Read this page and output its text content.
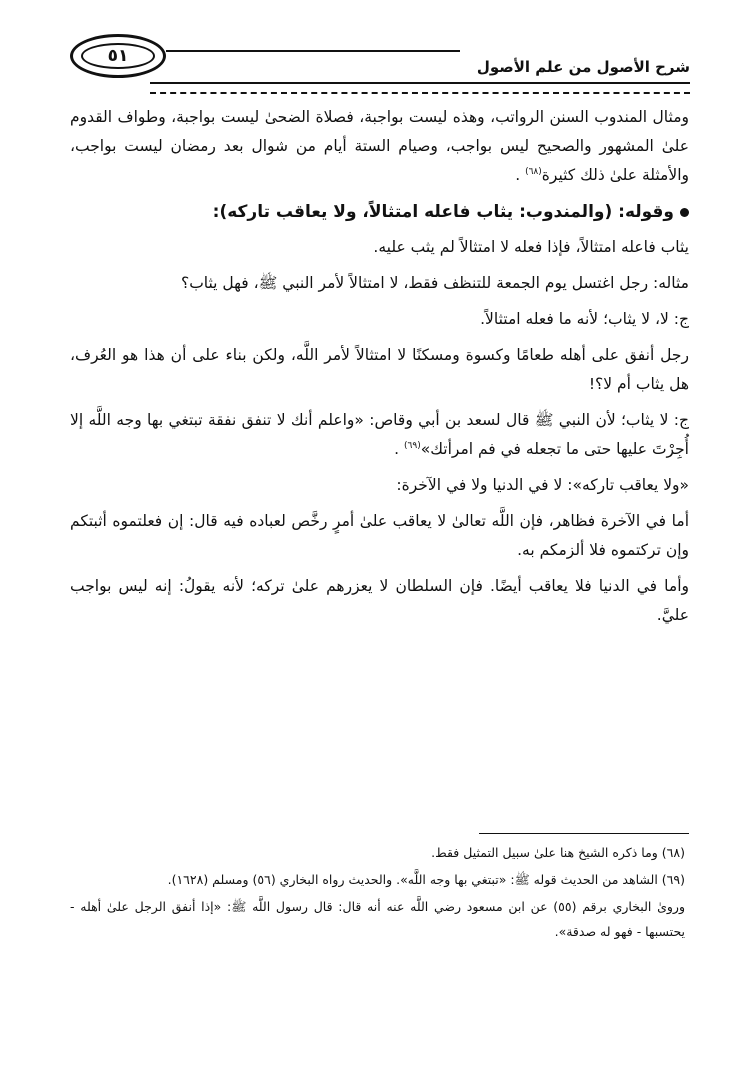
٥١
شرح الأصول من علم الأصول

ومثال المندوب السنن الرواتب، وهذه ليست بواجبة، فصلاة الضحىٰ ليست بواجبة، وطواف القدوم علىٰ المشهور والصحيح ليس بواجب، وصيام الستة أيام من شوال بعد رمضان ليست بواجب، والأمثلة علىٰ ذلك كثيرة$^{(٦٨)}$ .

وقوله: (والمندوب: يثاب فاعله امتثالاً، ولا يعاقب تاركه):

يثاب فاعله امتثالاً، فإذا فعله لا امتثالاً لم يثب عليه.

مثاله: رجل اغتسل يوم الجمعة للتنظف فقط، لا امتثالاً لأمر النبي ﷺ، فهل يثاب؟

ج: لا، لا يثاب؛ لأنه ما فعله امتثالاً.

رجل أنفق على أهله طعامًا وكسوة ومسكنًا لا امتثالاً لأمر اللَّه، ولكن بناء على أن هذا هو العُرف، هل يثاب أم لا؟!

ج: لا يثاب؛ لأن النبي ﷺ قال لسعد بن أبي وقاص: «واعلم أنك لا تنفق نفقة تبتغي بها وجه اللَّه إلا أُجِرْتَ عليها حتى ما تجعله في فم امرأتك»$^{(٦٩)}$ .

«ولا يعاقب تاركه»: لا في الدنيا ولا في الآخرة:

أما في الآخرة فظاهر، فإن اللَّه تعالىٰ لا يعاقب علىٰ أمرٍ رخَّص لعباده فيه قال: إن فعلتموه أثبتكم وإن تركتموه فلا ألزمكم به.

وأما في الدنيا فلا يعاقب أيضًا. فإن السلطان لا يعزرهم علىٰ تركه؛ لأنه يقولُ: إنه ليس بواجب عليَّ.

(٦٨) وما ذكره الشيخ هنا علىٰ سبيل التمثيل فقط.

(٦٩) الشاهد من الحديث قوله ﷺ: «تبتغي بها وجه اللَّه». والحديث رواه البخاري (٥٦) ومسلم (١٦٢٨).

وروىٰ البخاري برقم (٥٥) عن ابن مسعود رضي اللَّه عنه أنه قال: قال رسول اللَّه ﷺ: «إذا أنفق الرجل علىٰ أهله - يحتسبها - فهو له صدقة».
